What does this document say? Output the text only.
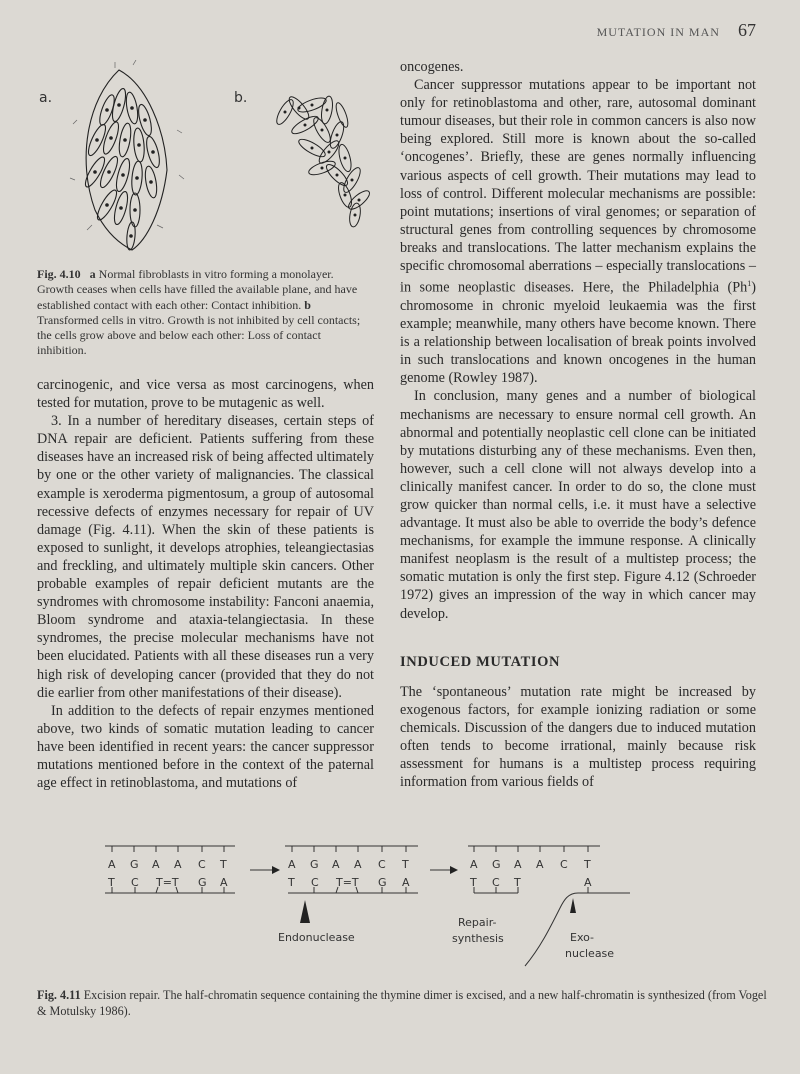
MUTATION IN MAN 67
a.	b.
Fig. 4.10 a Normal fibroblasts in vitro forming a monolayer. Growth ceases when cells have filled the available plane, and have established contact with each other: Contact inhibition. b Transformed cells in vitro. Growth is not inhibited by cell contacts; the cells grow above and below each other: Loss of contact inhibition.

carcinogenic, and vice versa as most carcinogens, when tested for mutation, prove to be mutagenic as well.

3. In a number of hereditary diseases, certain steps of DNA repair are deficient. Patients suffering from these diseases have an increased risk of being affected ultimately by one or the other variety of malignancies. The classical example is xeroderma pigmentosum, a group of autosomal recessive defects of enzymes necessary for repair of UV damage (Fig. 4.11). When the skin of these patients is exposed to sunlight, it develops atrophies, teleangiectasias and freckling, and ultimately multiple skin cancers. Other probable examples of repair deficient mutants are the syndromes with chromosome instability: Fanconi anaemia, Bloom syndrome and ataxia-telangiectasia. In these syndromes, the precise molecular mechanisms have not been elucidated. Patients with all these diseases run a very high risk of developing cancer (provided that they do not die earlier from other manifestations of their disease).

In addition to the defects of repair enzymes mentioned above, two kinds of somatic mutation leading to cancer have been identified in recent years: the cancer suppressor mutations mentioned before in the context of the paternal age effect in retinoblastoma, and mutations of

oncogenes.

Cancer suppressor mutations appear to be important not only for retinoblastoma and other, rare, autosomal dominant tumour diseases, but their role in common cancers is also now being explored. Still more is known about the so-called ‘oncogenes’. Briefly, these are genes normally influencing various aspects of cell growth. Their mutations may lead to loss of control. Different molecular mechanisms are possible: point mutations; insertions of viral genomes; or separation of structural genes from controlling sequences by chromosome breaks and translocations. The latter mechanism explains the specific chromosomal aberrations – especially translocations – in some neoplastic diseases. Here, the Philadelphia (Ph$^1$) chromosome in chronic myeloid leukaemia was the first example; meanwhile, many others have become known. There is a relationship between localisation of break points involved in such translocations and known oncogenes in the human genome (Rowley 1987).

In conclusion, many genes and a number of biological mechanisms are necessary to ensure normal cell growth. An abnormal and potentially neoplastic cell clone can be initiated by mutations disturbing any of these mechanisms. Even then, however, such a cell clone will not always develop into a clinically manifest cancer. In order to do so, the clone must grow quicker than normal cells, i.e. it must have a selective advantage. It must also be able to override the body’s defence mechanisms, for example the immune response. A clinically manifest neoplasm is the result of a multistep process; the somatic mutation is only the first step. Figure 4.12 (Schroeder 1972) gives an impression of the way in which cancer may develop.

INDUCED MUTATION

The ‘spontaneous’ mutation rate might be increased by exogenous factors, for example ionizing radiation or some chemicals. Discussion of the dangers due to induced mutation often tends to become irrational, mainly because risk assessment for humans is a multistep process requiring information from various fields of

A G A A C T
T C T=T G A
A G A A C T
T C T=T G A
Endonuclease
A G A A C T
T C T	A
Repair-
synthesis	Exo-
nuclease
Fig. 4.11 Excision repair. The half-chromatin sequence containing the thymine dimer is excised, and a new half-chromatin is synthesized (from Vogel & Motulsky 1986).
